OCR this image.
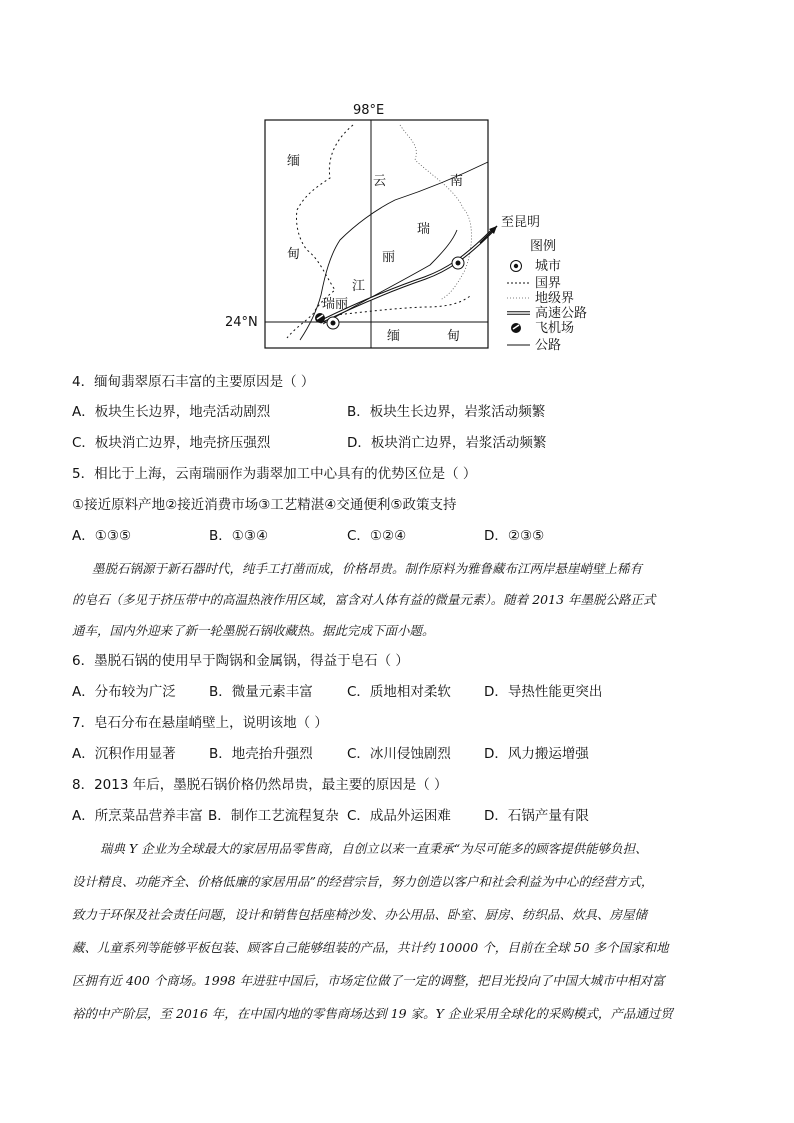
98°E
24°N
缅
甸
云	南
瑞
丽
江
瑞丽
缅	甸
至昆明
图例
城市
国界
地级界
高速公路
飞机场
公路
4．缅甸翡翠原石丰富的主要原因是（ ）
A．板块生长边界，地壳活动剧烈	B．板块生长边界，岩浆活动频繁
C．板块消亡边界，地壳挤压强烈	D．板块消亡边界，岩浆活动频繁
5．相比于上海，云南瑞丽作为翡翠加工中心具有的优势区位是（ ）
①接近原料产地②接近消费市场③工艺精湛④交通便利⑤政策支持
A．①③⑤	B．①③④	C．①②④	D．②③⑤
墨脱石锅源于新石器时代，纯手工打凿而成，价格昂贵。制作原料为雅鲁藏布江两岸悬崖峭壁上稀有
的皂石（多见于挤压带中的高温热液作用区域，富含对人体有益的微量元素）。随着 2013 年墨脱公路正式
通车，国内外迎来了新一轮墨脱石锅收藏热。据此完成下面小题。
6．墨脱石锅的使用早于陶锅和金属锅，得益于皂石（ ）
A．分布较为广泛 B．微量元素丰富	C．质地相对柔软 D．导热性能更突出
7．皂石分布在悬崖峭壁上，说明该地（ ）
A．沉积作用显著 B．地壳抬升强烈	C．冰川侵蚀剧烈 D．风力搬运增强
8．2013 年后，墨脱石锅价格仍然昂贵，最主要的原因是（ ）
A．所烹菜品营养丰富 B．制作工艺流程复杂 C．成品外运困难 D．石锅产量有限
瑞典 Y 企业为全球最大的家居用品零售商，自创立以来一直秉承“为尽可能多的顾客提供能够负担、
设计精良、功能齐全、价格低廉的家居用品”的经营宗旨，努力创造以客户和社会利益为中心的经营方式，
致力于环保及社会责任问题，设计和销售包括座椅沙发、办公用品、卧室、厨房、纺织品、炊具、房屋储
藏、儿童系列等能够平板包装、顾客自己能够组装的产品，共计约 10000 个，目前在全球 50 多个国家和地
区拥有近 400 个商场。1998 年进驻中国后，市场定位做了一定的调整，把目光投向了中国大城市中相对富
裕的中产阶层，至 2016 年，在中国内地的零售商场达到 19 家。Y 企业采用全球化的采购模式，产品通过贸
